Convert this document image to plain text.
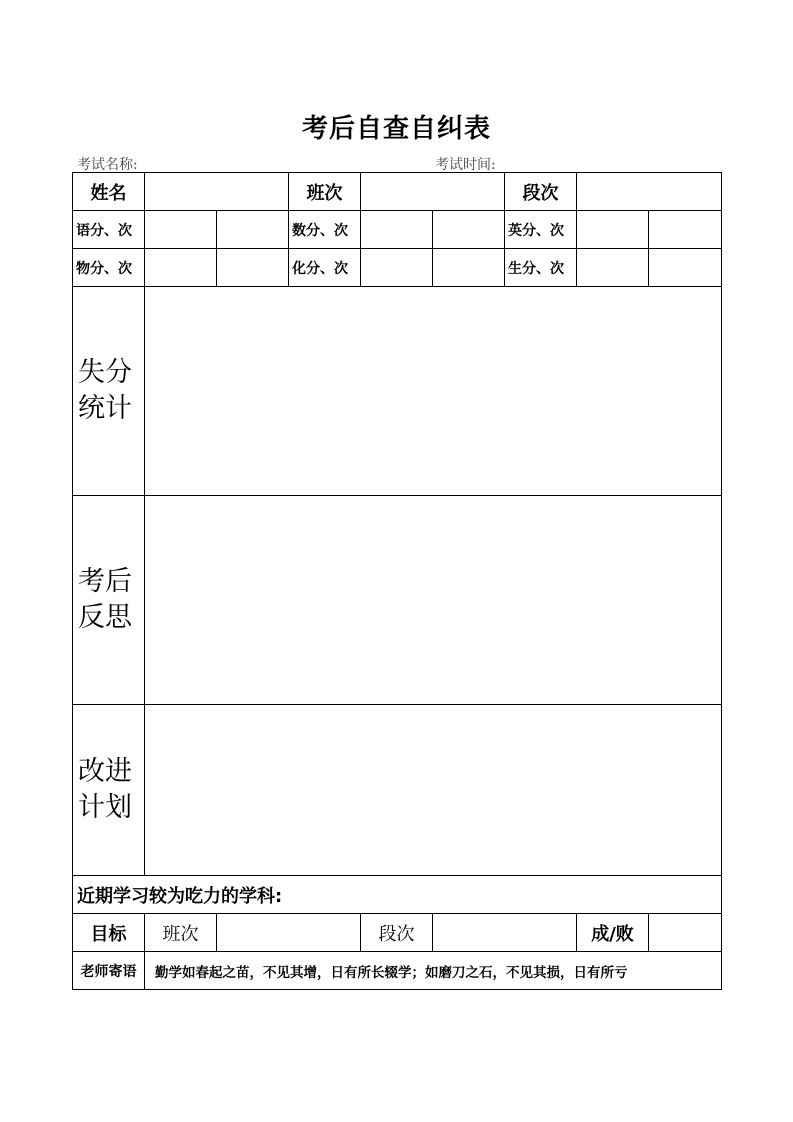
考后自查自纠表
考试名称:	考试时间:
姓名			班次			段次		
语分、次			数分、次			英分、次		
物分、次			化分、次			生分、次		

失分
统计								

考后
反思								

改进
计划								

近期学习较为吃力的学科:								
目标	班次			段次			成/败	
老师寄语	勤学如春起之苗，不见其增，日有所长辍学；如磨刀之石，不见其损，日有所亏							
